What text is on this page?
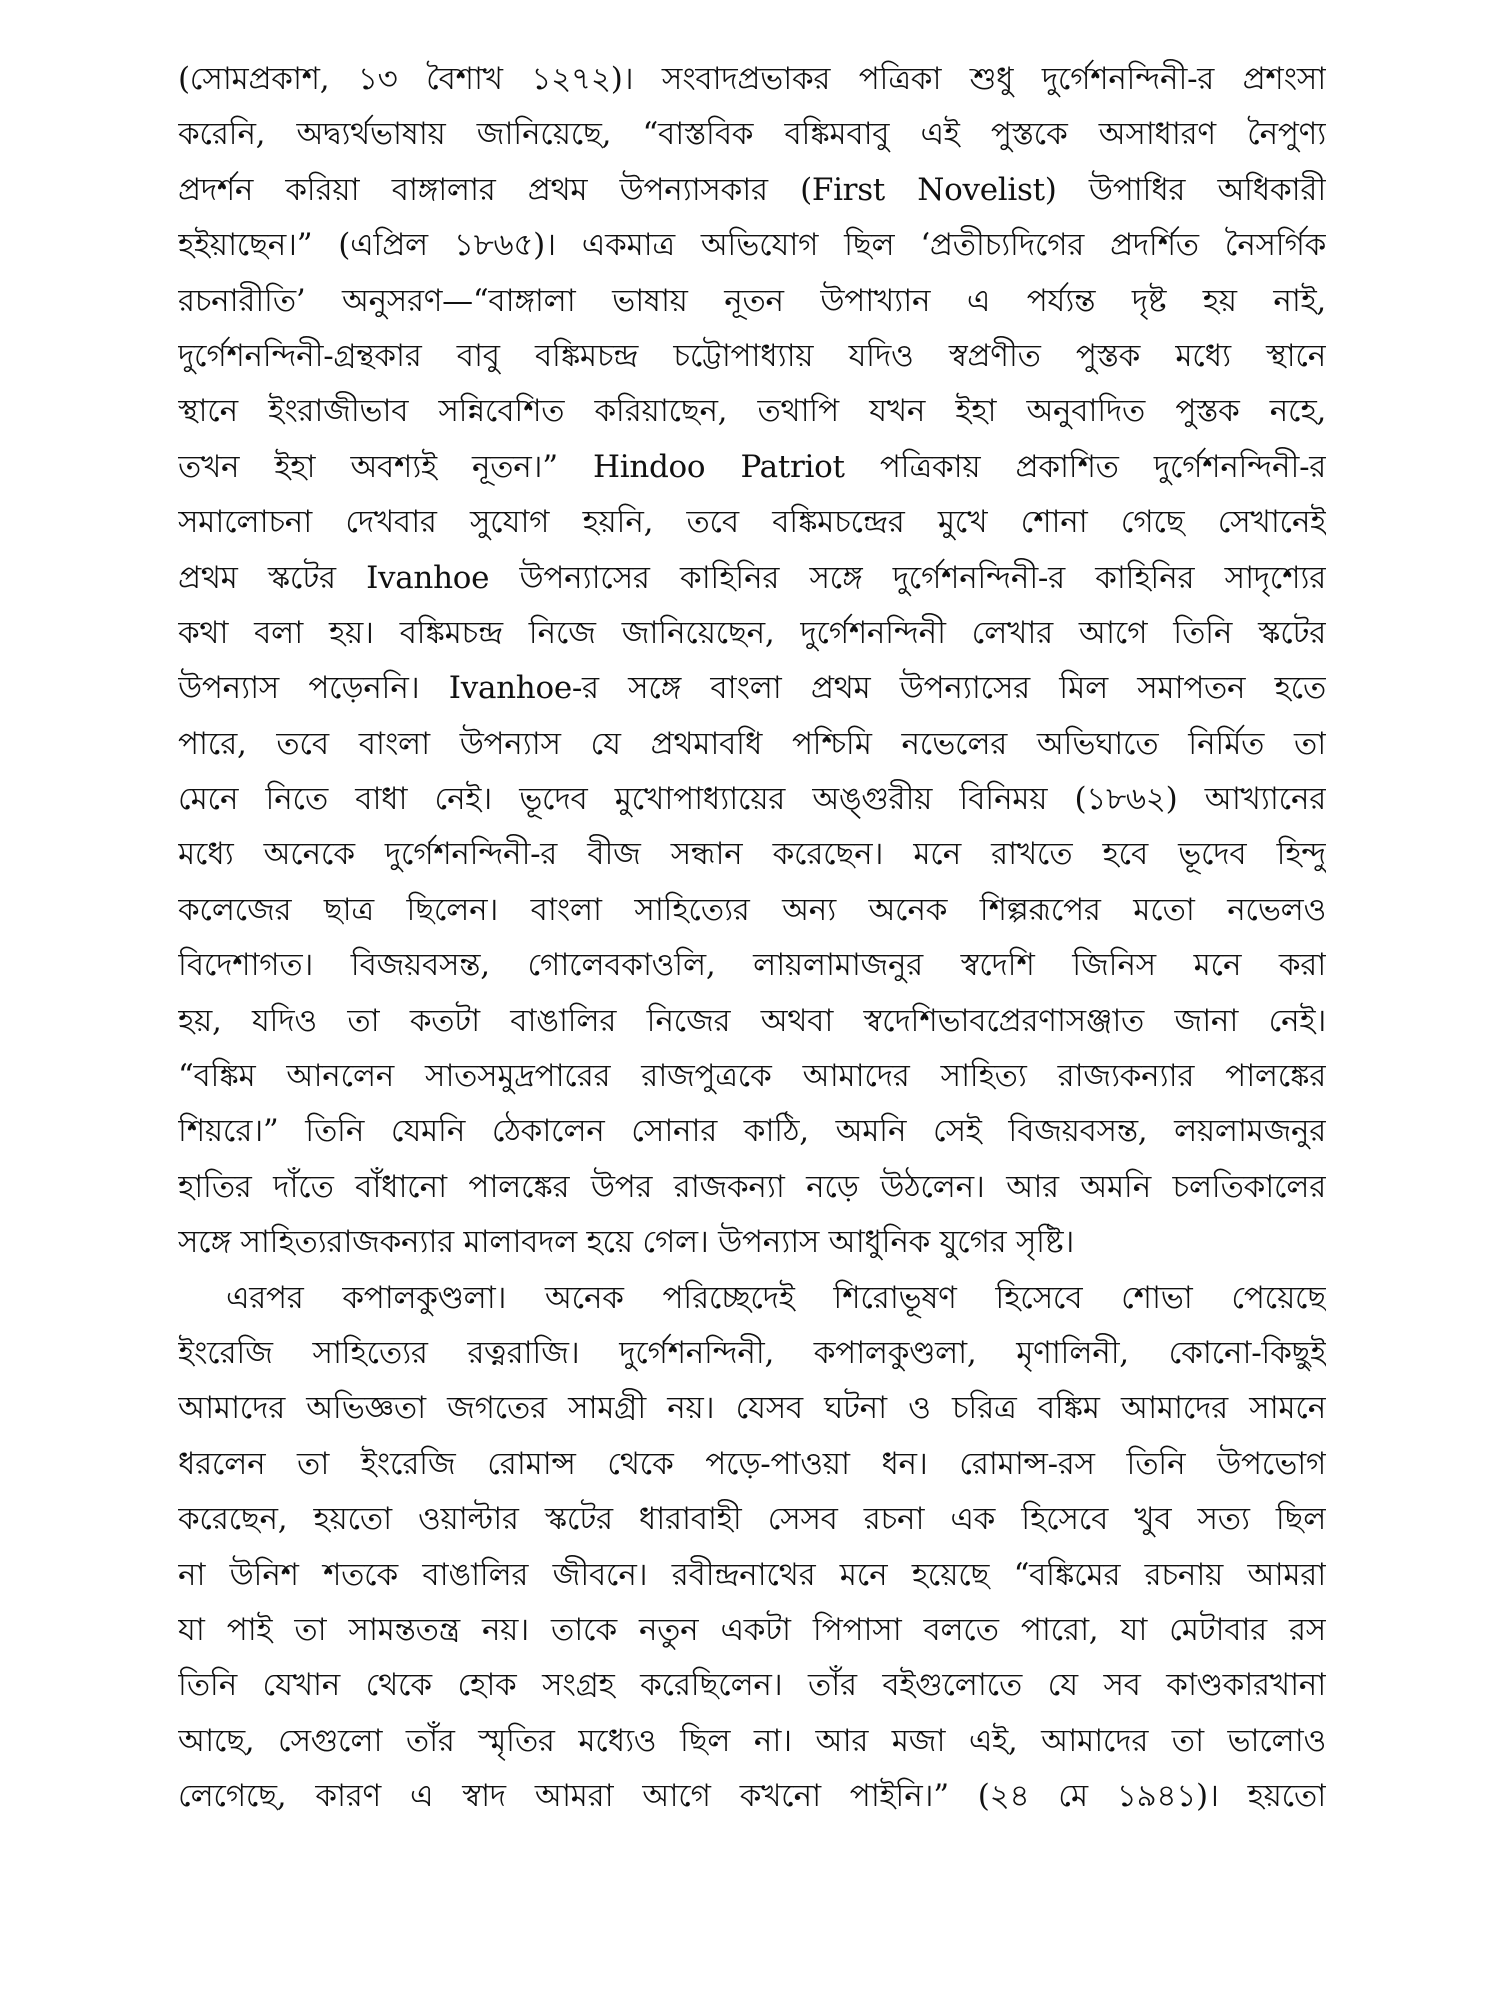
(সোমপ্রকাশ, ১৩ বৈশাখ ১২৭২)। সংবাদপ্রভাকর পত্রিকা শুধু দুর্গেশনন্দিনী-র প্রশংসা
করেনি, অদ্ব্যর্থভাষায় জানিয়েছে, “বাস্তবিক বঙ্কিমবাবু এই পুস্তকে অসাধারণ নৈপুণ্য
প্রদর্শন করিয়া বাঙ্গালার প্রথম উপন্যাসকার (First Novelist) উপাধির অধিকারী
হইয়াছেন।” (এপ্রিল ১৮৬৫)। একমাত্র অভিযোগ ছিল ‘প্রতীচ্যদিগের প্রদর্শিত নৈসর্গিক
রচনারীতি’ অনুসরণ—“বাঙ্গালা ভাষায় নূতন উপাখ্যান এ পর্য্যন্ত দৃষ্ট হয় নাই,
দুর্গেশনন্দিনী-গ্রন্থকার বাবু বঙ্কিমচন্দ্র চট্টোপাধ্যায় যদিও স্বপ্রণীত পুস্তক মধ্যে স্থানে
স্থানে ইংরাজীভাব সন্নিবেশিত করিয়াছেন, তথাপি যখন ইহা অনুবাদিত পুস্তক নহে,
তখন ইহা অবশ্যই নূতন।” Hindoo Patriot পত্রিকায় প্রকাশিত দুর্গেশনন্দিনী-র
সমালোচনা দেখবার সুযোগ হয়নি, তবে বঙ্কিমচন্দ্রের মুখে শোনা গেছে সেখানেই
প্রথম স্কটের Ivanhoe উপন্যাসের কাহিনির সঙ্গে দুর্গেশনন্দিনী-র কাহিনির সাদৃশ্যের
কথা বলা হয়। বঙ্কিমচন্দ্র নিজে জানিয়েছেন, দুর্গেশনন্দিনী লেখার আগে তিনি স্কটের
উপন্যাস পড়েননি। Ivanhoe-র সঙ্গে বাংলা প্রথম উপন্যাসের মিল সমাপতন হতে
পারে, তবে বাংলা উপন্যাস যে প্রথমাবধি পশ্চিমি নভেলের অভিঘাতে নির্মিত তা
মেনে নিতে বাধা নেই। ভূদেব মুখোপাধ্যায়ের অঙ্গুরীয় বিনিময় (১৮৬২) আখ্যানের
মধ্যে অনেকে দুর্গেশনন্দিনী-র বীজ সন্ধান করেছেন। মনে রাখতে হবে ভূদেব হিন্দু
কলেজের ছাত্র ছিলেন। বাংলা সাহিত্যের অন্য অনেক শিল্পরূপের মতো নভেলও
বিদেশাগত। বিজয়বসন্ত, গোলেবকাওলি, লায়লামাজনুর স্বদেশি জিনিস মনে করা
হয়, যদিও তা কতটা বাঙালির নিজের অথবা স্বদেশিভাবপ্রেরণাসঞ্জাত জানা নেই।
“বঙ্কিম আনলেন সাতসমুদ্রপারের রাজপুত্রকে আমাদের সাহিত্য রাজ্যকন্যার পালঙ্কের
শিয়রে।” তিনি যেমনি ঠেকালেন সোনার কাঠি, অমনি সেই বিজয়বসন্ত, লয়লামজনুর
হাতির দাঁতে বাঁধানো পালঙ্কের উপর রাজকন্যা নড়ে উঠলেন। আর অমনি চলতিকালের
সঙ্গে সাহিত্যরাজকন্যার মালাবদল হয়ে গেল। উপন্যাস আধুনিক যুগের সৃষ্টি।
এরপর কপালকুণ্ডলা। অনেক পরিচ্ছেদেই শিরোভূষণ হিসেবে শোভা পেয়েছে
ইংরেজি সাহিত্যের রত্নরাজি। দুর্গেশনন্দিনী, কপালকুণ্ডলা, মৃণালিনী, কোনো-কিছুই
আমাদের অভিজ্ঞতা জগতের সামগ্রী নয়। যেসব ঘটনা ও চরিত্র বঙ্কিম আমাদের সামনে
ধরলেন তা ইংরেজি রোমান্স থেকে পড়ে-পাওয়া ধন। রোমান্স-রস তিনি উপভোগ
করেছেন, হয়তো ওয়াল্টার স্কটের ধারাবাহী সেসব রচনা এক হিসেবে খুব সত্য ছিল
না উনিশ শতকে বাঙালির জীবনে। রবীন্দ্রনাথের মনে হয়েছে “বঙ্কিমের রচনায় আমরা
যা পাই তা সামন্ততন্ত্র নয়। তাকে নতুন একটা পিপাসা বলতে পারো, যা মেটাবার রস
তিনি যেখান থেকে হোক সংগ্রহ করেছিলেন। তাঁর বইগুলোতে যে সব কাণ্ডকারখানা
আছে, সেগুলো তাঁর স্মৃতির মধ্যেও ছিল না। আর মজা এই, আমাদের তা ভালোও
লেগেছে, কারণ এ স্বাদ আমরা আগে কখনো পাইনি।” (২৪ মে ১৯৪১)। হয়তো
